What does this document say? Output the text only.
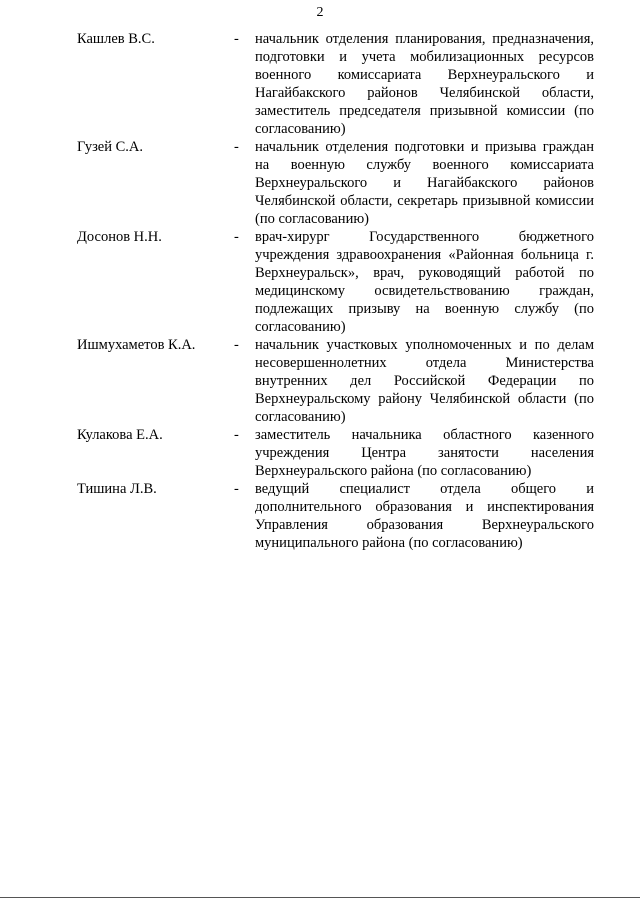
2
Кашлев В.С.	- начальник отделения планирования, предназначения, подготовки и учета мобилизационных ресурсов военного комиссариата Верхнеуральского и Нагайбакского районов Челябинской области, заместитель председателя призывной комиссии (по согласованию)
Гузей С.А.	- начальник отделения подготовки и призыва граждан на военную службу военного комиссариата Верхнеуральского и Нагайбакского районов Челябинской области, секретарь призывной комиссии (по согласованию)
Досонов Н.Н.	- врач-хирург Государственного бюджетного учреждения здравоохранения «Районная больница г. Верхнеуральск», врач, руководящий работой по медицинскому освидетельствованию граждан, подлежащих призыву на военную службу (по согласованию)
Ишмухаметов К.А.	- начальник участковых уполномоченных и по делам несовершеннолетних отдела Министерства внутренних дел Российской Федерации по Верхнеуральскому району Челябинской области (по согласованию)
Кулакова Е.А.	- заместитель начальника областного казенного учреждения Центра занятости населения Верхнеуральского района (по согласованию)
Тишина Л.В.	- ведущий специалист отдела общего и дополнительного образования и инспектирования Управления образования Верхнеуральского муниципального района (по согласованию)
